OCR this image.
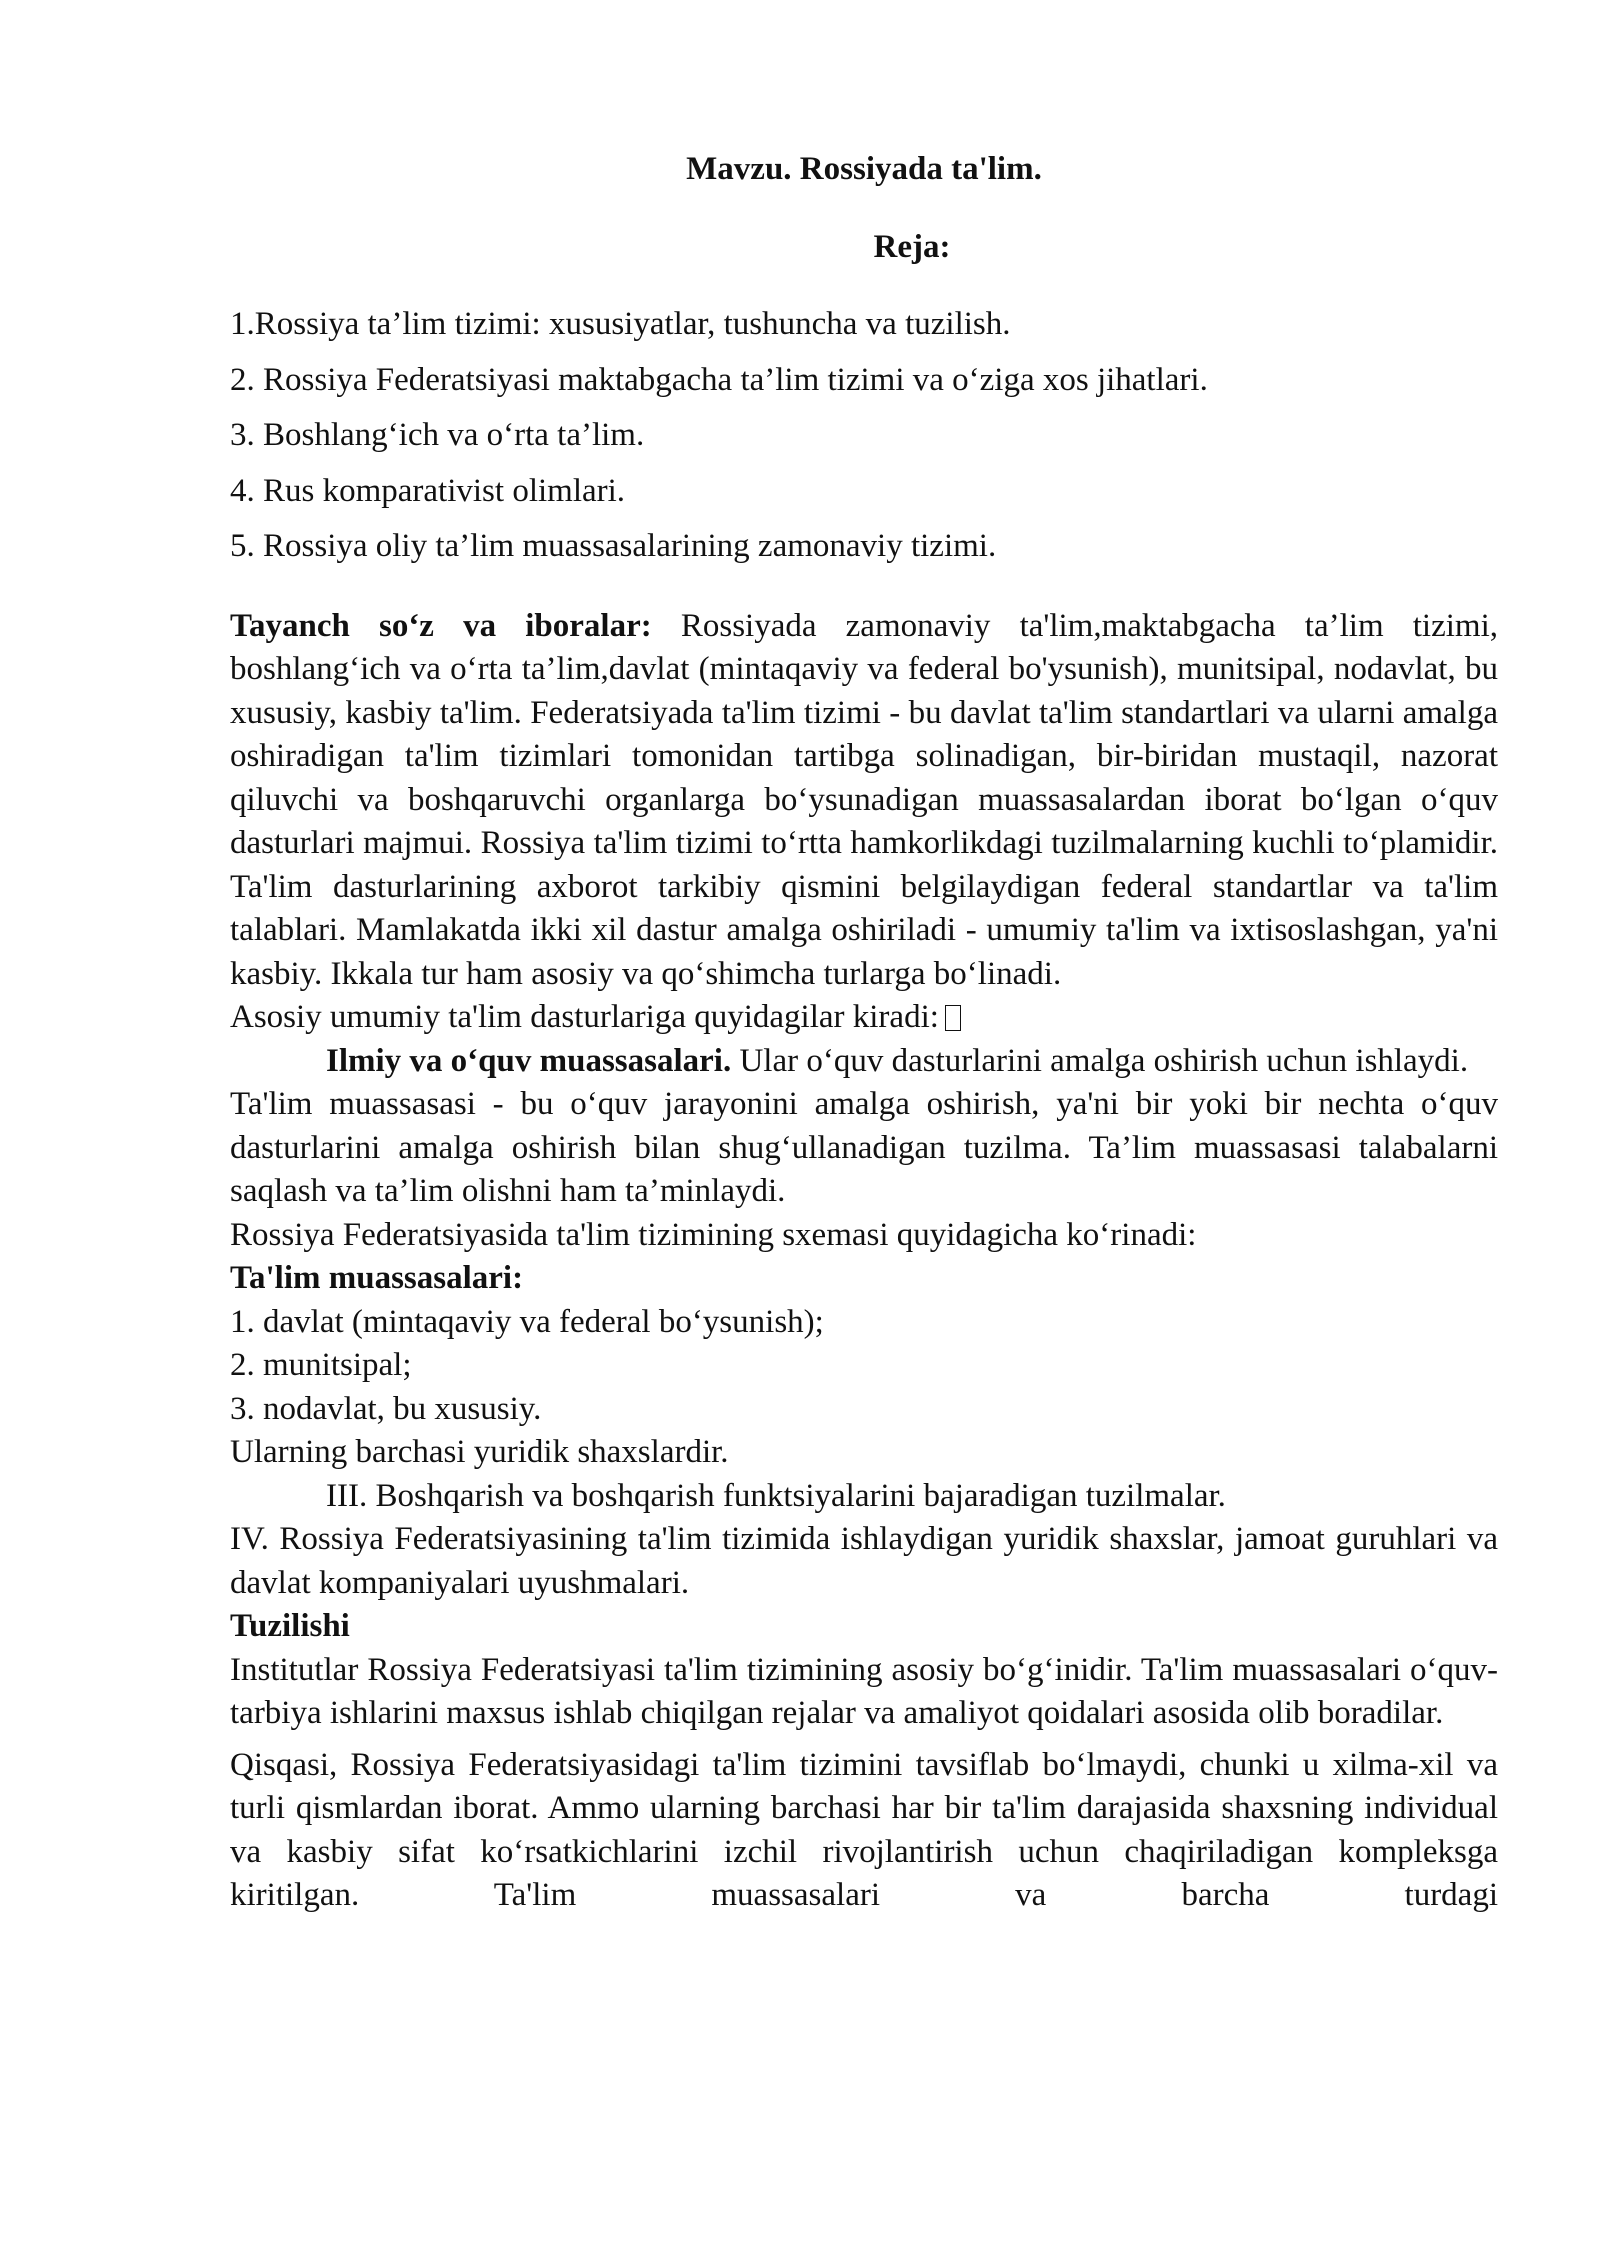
Mavzu. Rossiyada ta'lim.

Reja:

1.Rossiya ta’lim tizimi: xususiyatlar, tushuncha va tuzilish.

2. Rossiya Federatsiyasi maktabgacha ta’lim tizimi va o‘ziga xos jihatlari.

3. Boshlang‘ich va o‘rta ta’lim.

4. Rus komparativist olimlari.

5. Rossiya oliy ta’lim muassasalarining zamonaviy tizimi.

Tayanch so‘z va iboralar: Rossiyada zamonaviy ta'lim,maktabgacha ta’lim tizimi, boshlang‘ich va o‘rta ta’lim,davlat (mintaqaviy va federal bo'ysunish), munitsipal, nodavlat, bu xususiy, kasbiy ta'lim. Federatsiyada ta'lim tizimi - bu davlat ta'lim standartlari va ularni amalga oshiradigan ta'lim tizimlari tomonidan tartibga solinadigan, bir-biridan mustaqil, nazorat qiluvchi va boshqaruvchi organlarga bo‘ysunadigan muassasalardan iborat bo‘lgan o‘quv dasturlari majmui. Rossiya ta'lim tizimi to‘rtta hamkorlikdagi tuzilmalarning kuchli to‘plamidir. Ta'lim dasturlarining axborot tarkibiy qismini belgilaydigan federal standartlar va ta'lim talablari. Mamlakatda ikki xil dastur amalga oshiriladi - umumiy ta'lim va ixtisoslashgan, ya'ni kasbiy. Ikkala tur ham asosiy va qo‘shimcha turlarga bo‘linadi.

Asosiy umumiy ta'lim dasturlariga quyidagilar kiradi:

Ilmiy va o‘quv muassasalari. Ular o‘quv dasturlarini amalga oshirish uchun ishlaydi.

Ta'lim muassasasi - bu o‘quv jarayonini amalga oshirish, ya'ni bir yoki bir nechta o‘quv dasturlarini amalga oshirish bilan shug‘ullanadigan tuzilma. Ta’lim muassasasi talabalarni saqlash va ta’lim olishni ham ta’minlaydi.

Rossiya Federatsiyasida ta'lim tizimining sxemasi quyidagicha ko‘rinadi:

Ta'lim muassasalari:

1. davlat (mintaqaviy va federal bo‘ysunish);

2. munitsipal;

3. nodavlat, bu xususiy.

Ularning barchasi yuridik shaxslardir.

III. Boshqarish va boshqarish funktsiyalarini bajaradigan tuzilmalar.

IV. Rossiya Federatsiyasining ta'lim tizimida ishlaydigan yuridik shaxslar, jamoat guruhlari va davlat kompaniyalari uyushmalari.

Tuzilishi

Institutlar Rossiya Federatsiyasi ta'lim tizimining asosiy bo‘g‘inidir. Ta'lim muassasalari o‘quv-tarbiya ishlarini maxsus ishlab chiqilgan rejalar va amaliyot qoidalari asosida olib boradilar.

Qisqasi, Rossiya Federatsiyasidagi ta'lim tizimini tavsiflab bo‘lmaydi, chunki u xilma-xil va turli qismlardan iborat. Ammo ularning barchasi har bir ta'lim darajasida shaxsning individual va kasbiy sifat ko‘rsatkichlarini izchil rivojlantirish uchun chaqiriladigan kompleksga kiritilgan. Ta'lim muassasalari va barcha turdagi
